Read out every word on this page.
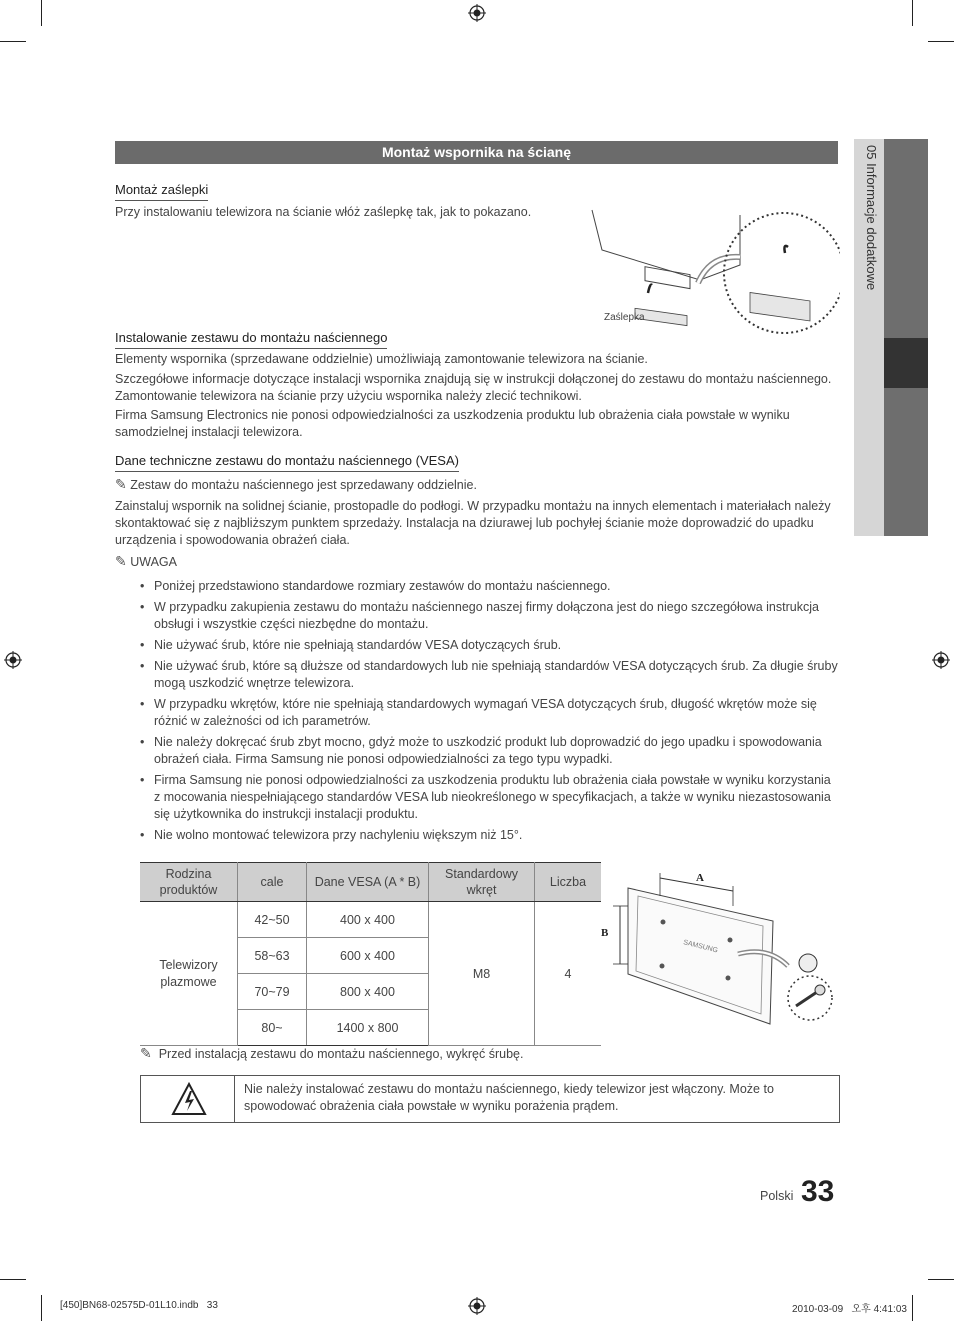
05 Informacje dodatkowe
Montaż wspornika na ścianę
Montaż zaślepki
Przy instalowaniu telewizora na ścianie włóż zaślepkę tak, jak to pokazano.
Zaślepka
Instalowanie zestawu do montażu naściennego
Elementy wspornika (sprzedawane oddzielnie) umożliwiają zamontowanie telewizora na ścianie.
Szczegółowe informacje dotyczące instalacji wspornika znajdują się w instrukcji dołączonej do zestawu do montażu naściennego. Zamontowanie telewizora na ścianie przy użyciu wspornika należy zlecić technikowi.
Firma Samsung Electronics nie ponosi odpowiedzialności za uszkodzenia produktu lub obrażenia ciała powstałe w wyniku samodzielnej instalacji telewizora.
Dane techniczne zestawu do montażu naściennego (VESA)
✎ Zestaw do montażu naściennego jest sprzedawany oddzielnie.
Zainstaluj wspornik na solidnej ścianie, prostopadle do podłogi. W przypadku montażu na innych elementach i materiałach należy skontaktować się z najbliższym punktem sprzedaży. Instalacja na dziurawej lub pochyłej ścianie może doprowadzić do upadku urządzenia i spowodowania obrażeń ciała.
✎ UWAGA
• Poniżej przedstawiono standardowe rozmiary zestawów do montażu naściennego.
• W przypadku zakupienia zestawu do montażu naściennego naszej firmy dołączona jest do niego szczegółowa instrukcja obsługi i wszystkie części niezbędne do montażu.
• Nie używać śrub, które nie spełniają standardów VESA dotyczących śrub.
• Nie używać śrub, które są dłuższe od standardowych lub nie spełniają standardów VESA dotyczących śrub. Za długie śruby mogą uszkodzić wnętrze telewizora.
• W przypadku wkrętów, które nie spełniają standardowych wymagań VESA dotyczących śrub, długość wkrętów może się różnić w zależności od ich parametrów.
• Nie należy dokręcać śrub zbyt mocno, gdyż może to uszkodzić produkt lub doprowadzić do jego upadku i spowodowania obrażeń ciała. Firma Samsung nie ponosi odpowiedzialności za tego typu wypadki.
• Firma Samsung nie ponosi odpowiedzialności za uszkodzenia produktu lub obrażenia ciała powstałe w wyniku korzystania z mocowania niespełniającego standardów VESA lub nieokreślonego w specyfikacjach, a także w wyniku niezastosowania się użytkownika do instrukcji instalacji produktu.
• Nie wolno montować telewizora przy nachyleniu większym niż 15°.
Rodzina produktów	cale	Dane VESA (A * B)	Standardowy wkręt	Liczba
Telewizory plazmowe	42~50	400 x 400	M8	4
	58~63	600 x 400		
	70~79	800 x 400		
	80~	1400 x 800		
A
B
SAMSUNG
✎ Przed instalacją zestawu do montażu naściennego, wykręć śrubę.
Nie należy instalować zestawu do montażu naściennego, kiedy telewizor jest włączony. Może to spowodować obrażenia ciała powstałe w wyniku porażenia prądem.
Polski 33
[450]BN68-02575D-01L10.indb   33	2010-03-09   오후 4:41:03
